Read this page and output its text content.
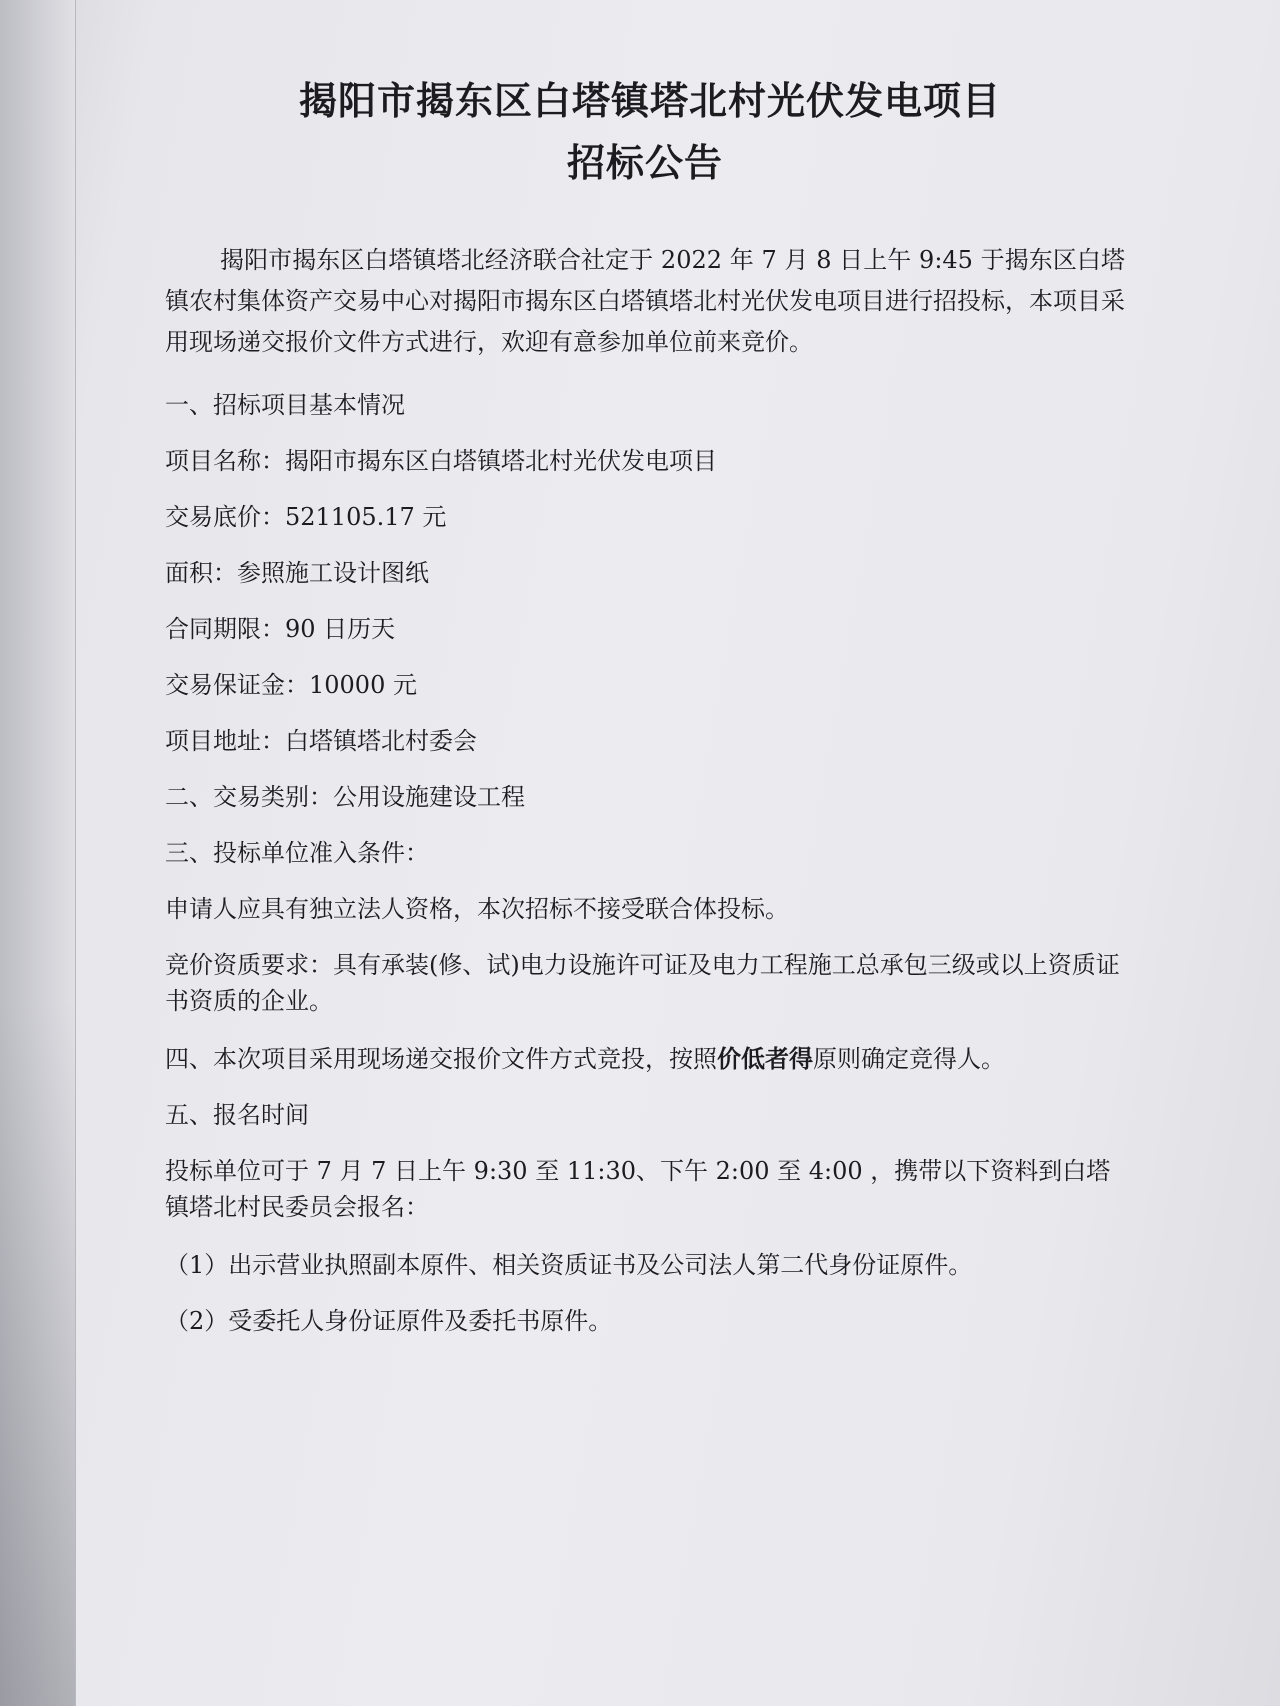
揭阳市揭东区白塔镇塔北村光伏发电项目
招标公告

揭阳市揭东区白塔镇塔北经济联合社定于 2022 年 7 月 8 日上午 9:45 于揭东区白塔镇农村集体资产交易中心对揭阳市揭东区白塔镇塔北村光伏发电项目进行招投标，本项目采用现场递交报价文件方式进行，欢迎有意参加单位前来竞价。

一、招标项目基本情况
项目名称：揭阳市揭东区白塔镇塔北村光伏发电项目
交易底价：521105.17 元
面积：参照施工设计图纸
合同期限：90 日历天
交易保证金：10000 元
项目地址：白塔镇塔北村委会
二、交易类别：公用设施建设工程
三、投标单位准入条件：
申请人应具有独立法人资格，本次招标不接受联合体投标。
竞价资质要求：具有承装(修、试)电力设施许可证及电力工程施工总承包三级或以上资质证书资质的企业。
四、本次项目采用现场递交报价文件方式竞投，按照价低者得原则确定竞得人。
五、报名时间
投标单位可于 7 月 7 日上午 9:30 至 11:30、下午 2:00 至 4:00 ，携带以下资料到白塔镇塔北村民委员会报名：
（1）出示营业执照副本原件、相关资质证书及公司法人第二代身份证原件。
（2）受委托人身份证原件及委托书原件。
